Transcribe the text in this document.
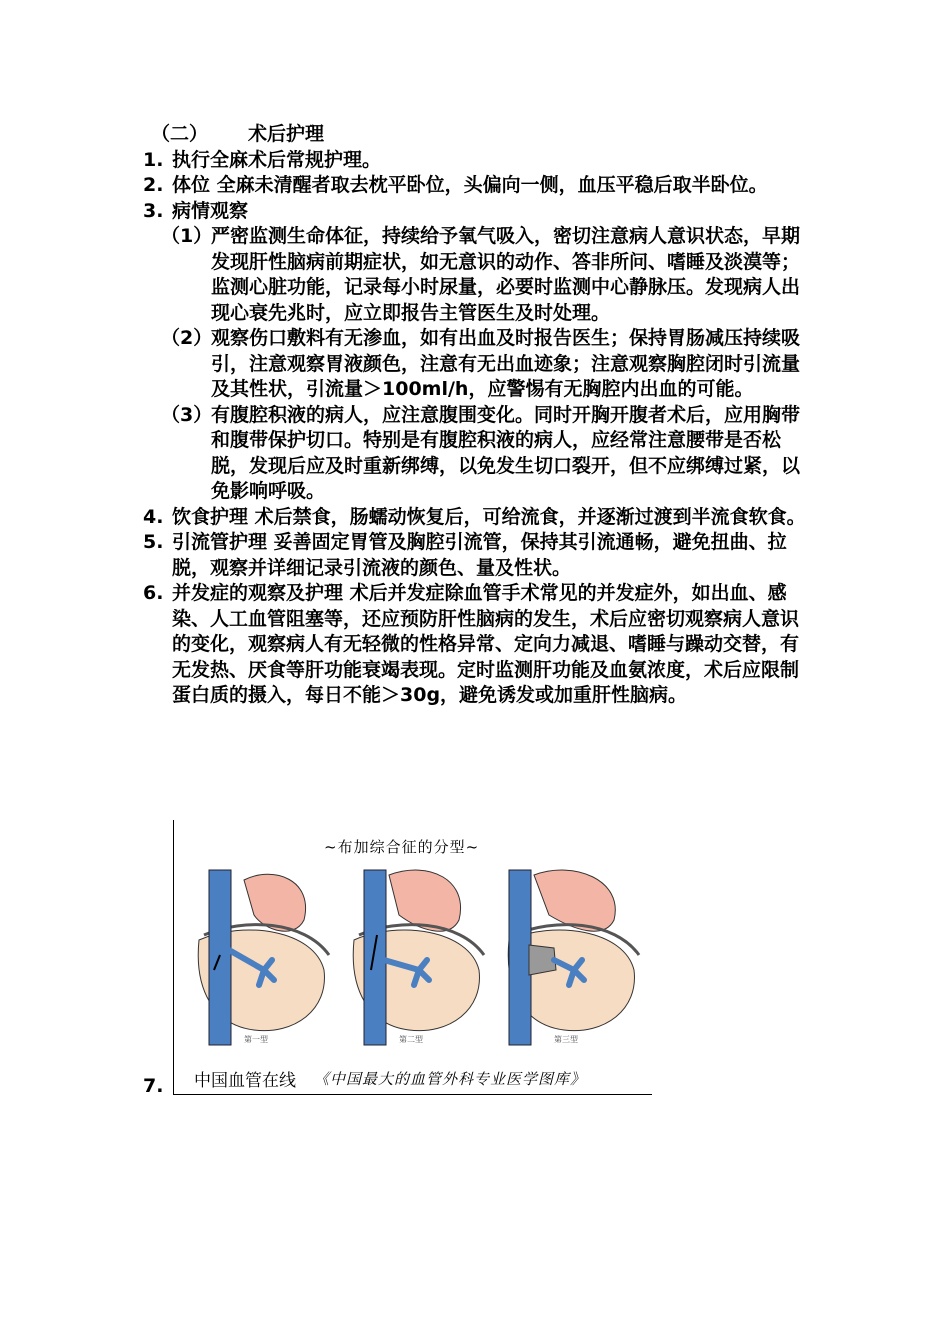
（二） 术后护理
1. 执行全麻术后常规护理。
2. 体位 全麻未清醒者取去枕平卧位，头偏向一侧，血压平稳后取半卧位。
3. 病情观察
（1）
严密监测生命体征，持续给予氧气吸入，密切注意病人意识状态，早期发现肝性脑病前期症状，如无意识的动作、答非所问、嗜睡及淡漠等；监测心脏功能，记录每小时尿量，必要时监测中心静脉压。发现病人出现心衰先兆时，应立即报告主管医生及时处理。
（2）
观察伤口敷料有无渗血，如有出血及时报告医生；保持胃肠减压持续吸引，注意观察胃液颜色，注意有无出血迹象；注意观察胸腔闭时引流量及其性状，引流量＞100ml/h，应警惕有无胸腔内出血的可能。
（3）
有腹腔积液的病人，应注意腹围变化。同时开胸开腹者术后，应用胸带和腹带保护切口。特别是有腹腔积液的病人，应经常注意腰带是否松脱，发现后应及时重新绑缚，以免发生切口裂开，但不应绑缚过紧，以免影响呼吸。
4. 饮食护理 术后禁食，肠蠕动恢复后，可给流食，并逐渐过渡到半流食软食。
5. 引流管护理 妥善固定胃管及胸腔引流管，保持其引流通畅，避免扭曲、拉脱，观察并详细记录引流液的颜色、量及性状。
6. 并发症的观察及护理 术后并发症除血管手术常见的并发症外，如出血、感染、人工血管阻塞等，还应预防肝性脑病的发生，术后应密切观察病人意识的变化，观察病人有无轻微的性格异常、定向力减退、嗜睡与躁动交替，有无发热、厌食等肝功能衰竭表现。定时监测肝功能及血氨浓度，术后应限制蛋白质的摄入，每日不能＞30g，避免诱发或加重肝性脑病。
7.
~布加综合征的分型~
第一型	第二型	第三型
中国血管在线 《中国最大的血管外科专业医学图库》
